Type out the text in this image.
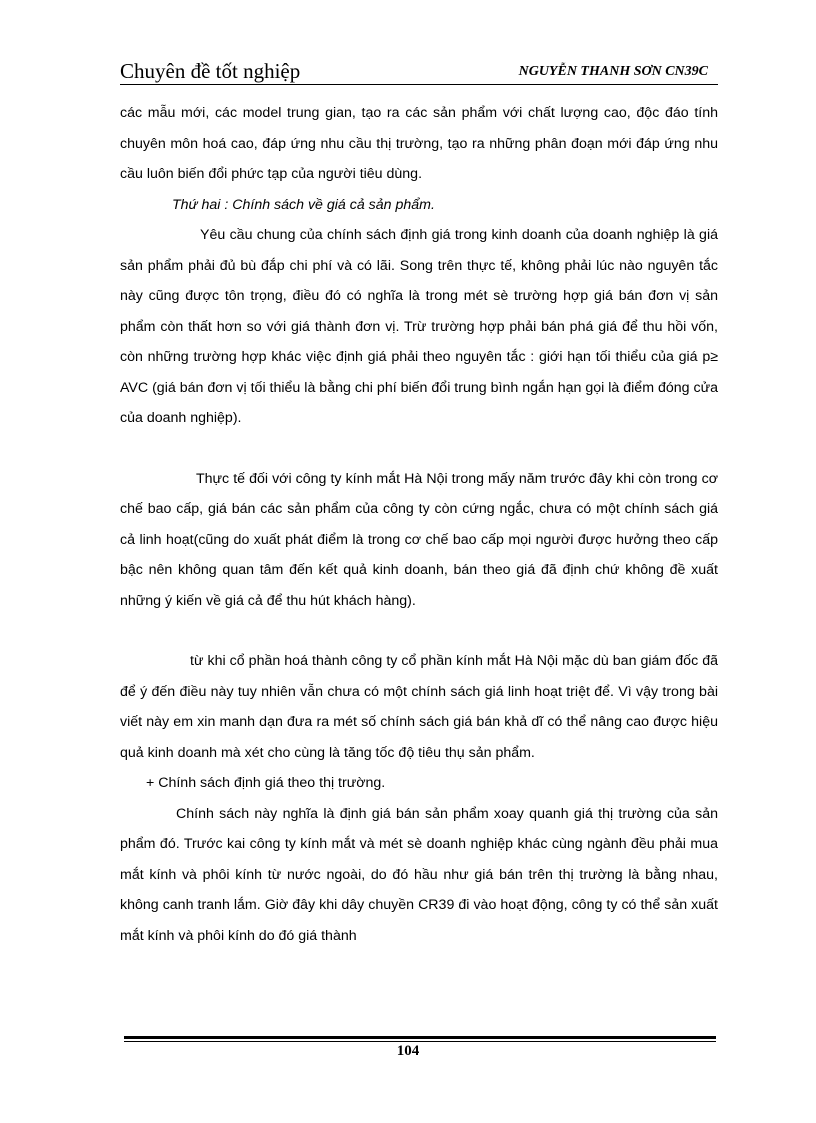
Chuyên đề tốt nghiệp	NGUYỄN THANH SƠN CN39C

các mẫu mới, các model trung gian, tạo ra các sản phẩm với chất lượng cao, độc đáo tính chuyên môn hoá cao, đáp ứng nhu cầu thị trường, tạo ra những phân đoạn mới đáp ứng nhu cầu luôn biến đổi phức tạp của người tiêu dùng.

Thứ hai : Chính sách về giá cả sản phẩm.

Yêu cầu chung của chính sách định giá trong kinh doanh của doanh nghiệp là giá sản phẩm phải đủ bù đắp chi phí và có lãi. Song trên thực tế, không phải lúc nào nguyên tắc này cũng được tôn trọng, điều đó có nghĩa là trong mét sè trường hợp giá bán đơn vị sản phẩm còn thất hơn so với giá thành đơn vị. Trừ trường hợp phải bán phá giá để thu hồi vốn, còn những trường hợp khác việc định giá phải theo nguyên tắc : giới hạn tối thiểu của giá p≥ AVC (giá bán đơn vị tối thiểu là bằng chi phí biến đổi trung bình ngắn hạn gọi là điểm đóng cửa của doanh nghiệp).

Thực tế đối với công ty kính mắt Hà Nội trong mấy năm trước đây khi còn trong cơ chế bao cấp, giá bán các sản phẩm của công ty còn cứng ngắc, chưa có một chính sách giá cả linh hoạt(cũng do xuất phát điểm là trong cơ chế bao cấp mọi người được hưởng theo cấp bậc nên không quan tâm đến kết quả kinh doanh, bán theo giá đã định chứ không đề xuất những ý kiến về giá cả để thu hút khách hàng).

từ khi cổ phần hoá thành công ty cổ phần kính mắt Hà Nội mặc dù ban giám đốc đã để ý đến điều này tuy nhiên vẫn chưa có một chính sách giá linh hoạt triệt để. Vì vậy trong bài viết này em xin manh dạn đưa ra mét số chính sách giá bán khả dĩ có thể nâng cao được hiệu quả kinh doanh mà xét cho cùng là tăng tốc độ tiêu thụ sản phẩm.

+ Chính sách định giá theo thị trường.

Chính sách này nghĩa là định giá bán sản phẩm xoay quanh giá thị trường của sản phẩm đó. Trước kai công ty kính mắt và mét sè doanh nghiệp khác cùng ngành đều phải mua mắt kính và phôi kính từ nước ngoài, do đó hầu như giá bán trên thị trường là bằng nhau, không canh tranh lắm. Giờ đây khi dây chuyền CR39 đi vào hoạt động, công ty có thể sản xuất mắt kính và phôi kính do đó giá thành

104
